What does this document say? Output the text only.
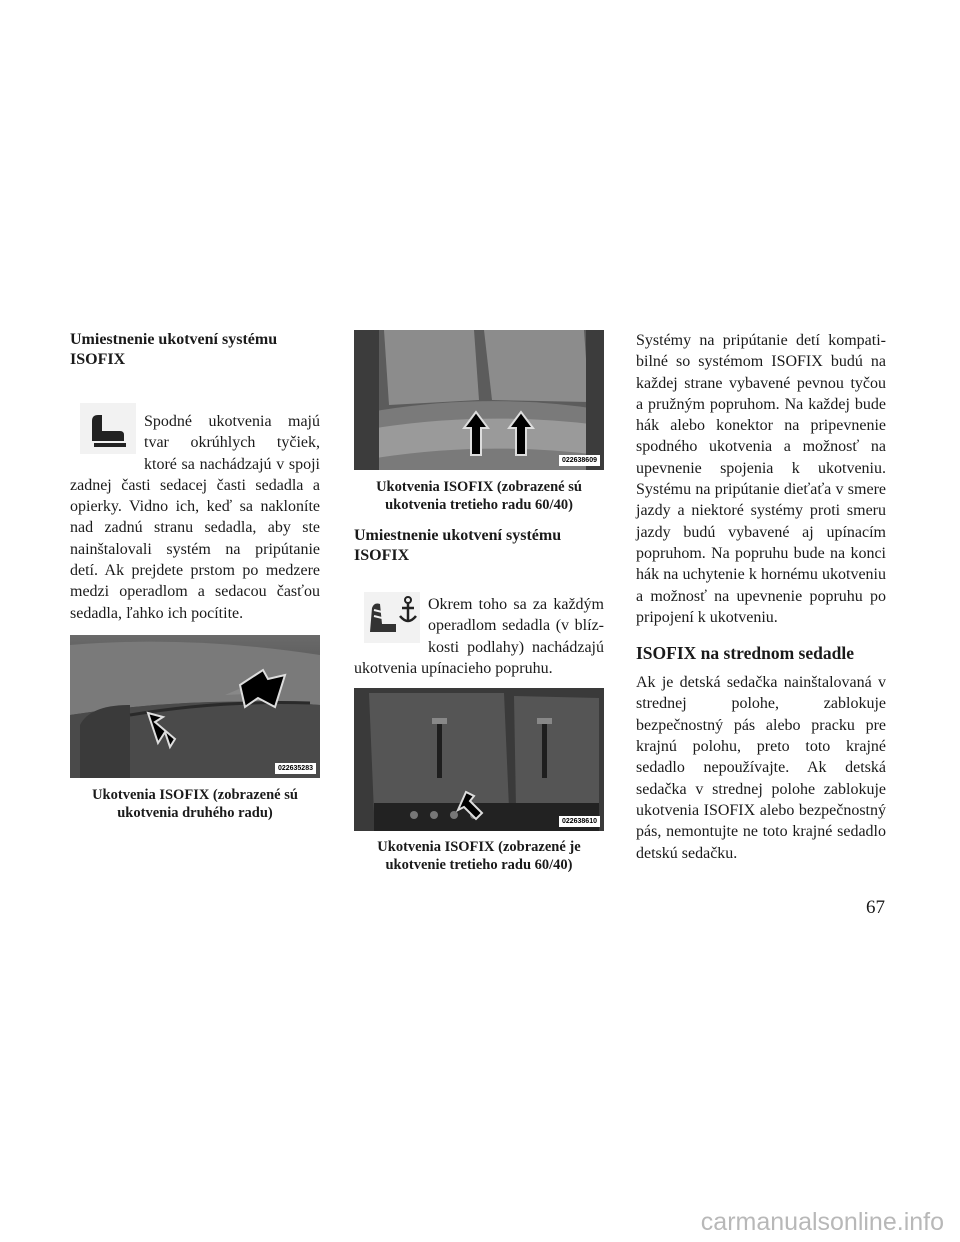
Umiestnenie ukotvení systému
ISOFIX

Spodné ukotvenia majú tvar okrúhlych tyčiek, ktoré sa nachádzajú v spoji zadnej časti sedacej časti sedadla a opierky. Vidno ich, keď sa nakloníte nad zadnú stranu sedadla, aby ste nainštalovali systém na pripútanie detí. Ak prejdete prstom po medzere medzi operadlom a sedacou časťou sedadla, ľahko ich pocítite.

022635283
Ukotvenia ISOFIX (zobrazené sú
ukotvenia druhého radu)
022638609
Ukotvenia ISOFIX (zobrazené sú
ukotvenia tretieho radu 60/40)
Umiestnenie ukotvení systému
ISOFIX

Okrem toho sa za každým operadlom sedadla (v blízkosti podlahy) nachádzajú ukotvenia upínacieho popruhu.

022638610
Ukotvenia ISOFIX (zobrazené je
ukotvenie tretieho radu 60/40)

Systémy na pripútanie detí kompatibilné so systémom ISOFIX budú na každej strane vybavené pevnou tyčou a pružným popruhom. Na každej bude hák alebo konektor na pripevnenie spodného ukotvenia a možnosť na upevnenie spojenia k ukotveniu. Systému na pripútanie dieťaťa v smere jazdy a niektoré systémy proti smeru jazdy budú vybavené aj upínacím popruhom. Na popruhu bude na konci hák na uchytenie k hornému ukotveniu a možnosť na upevnenie popruhu po pripojení k ukotveniu.

ISOFIX na strednom sedadle

Ak je detská sedačka nainštalovaná v strednej polohe, zablokuje bezpečnostný pás alebo pracku pre krajnú polohu, preto toto krajné sedadlo nepoužívajte. Ak detská sedačka v strednej polohe zablokuje ukotvenia ISOFIX alebo bezpečnostný pás, nemontujte ne toto krajné sedadlo detskú sedačku.

67
carmanualsonline.info
